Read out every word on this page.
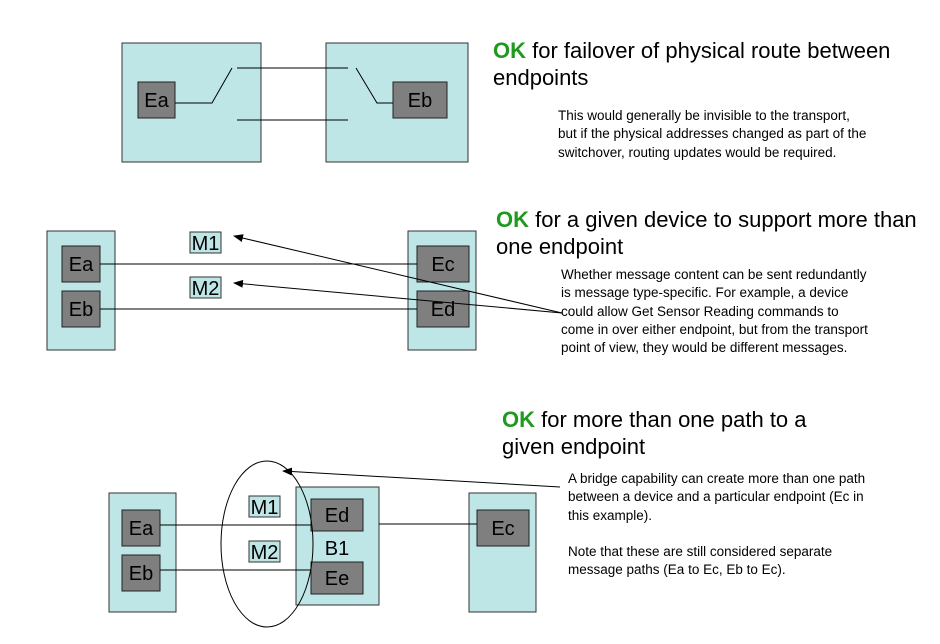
Ea	Eb
Ea
Eb
Ec
Ed
M1
M2
Ea
Eb
Ed
B1
Ee
Ec
M1
M2
OK for failover of physical route between
endpoints
OK for a given device to support more than
one endpoint
OK for more than one path to a
given endpoint
This would generally be invisible to the transport,
but if the physical addresses changed as part of the
switchover, routing updates would be required.
Whether message content can be sent redundantly
is message type-specific. For example, a device
could allow Get Sensor Reading commands to
come in over either endpoint, but from the transport
point of view, they would be different messages.
A bridge capability can create more than one path
between a device and a particular endpoint (Ec in
this example).
Note that these are still considered separate
message paths (Ea to Ec, Eb to Ec).
